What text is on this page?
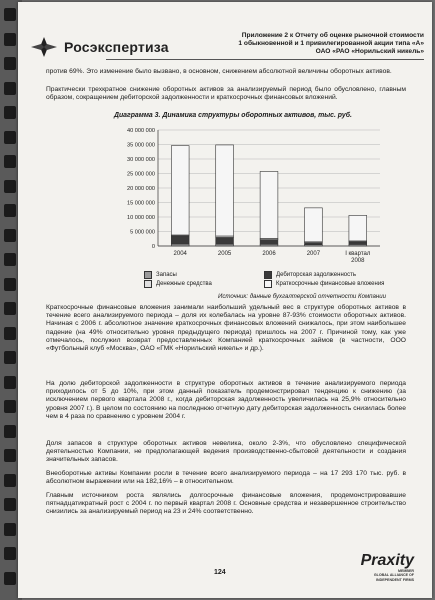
Росэкспертиза
Приложение 2 к Отчету об оценке рыночной стоимости
1 обыкновенной и 1 привилегированной акции типа «А»
ОАО «РАО «Норильский никель»

против 69%. Это изменение было вызвано, в основном, снижением абсолютной величины оборотных активов.

Практически трехкратное снижение оборотных активов за анализируемый период было обусловлено, главным образом, сокращением дебиторской задолженности и краткосрочных финансовых вложений.

Диаграмма 3. Динамика структуры оборотных активов, тыс. руб.
0
5 000 000
10 000 000
15 000 000
20 000 000
25 000 000
30 000 000
35 000 000
40 000 000
2004	2005	2006	2007	I квартал
2008
Запасы	Дебиторская задолженность
Денежные средства	Краткосрочные финансовые вложения
Источник: данные бухгалтерской отчетности Компании

Краткосрочные финансовые вложения занимали наибольший удельный вес в структуре оборотных активов в течение всего анализируемого периода – доля их колебалась на уровне 87-93% стоимости оборотных активов. Начиная с 2006 г. абсолютное значение краткосрочных финансовых вложений снижалось, при этом наибольшее падение (на 49% относительно уровня предыдущего периода) пришлось на 2007 г. Причиной тому, как уже отмечалось, послужил возврат предоставленных Компанией краткосрочных займов (в частности, ООО «Футбольный клуб «Москва», ОАО «ГМК «Норильский никель» и др.).

На долю дебиторской задолженности в структуре оборотных активов в течение анализируемого периода приходилось от 5 до 10%, при этом данный показатель продемонстрировал тенденцию к снижению (за исключением первого квартала 2008 г., когда дебиторская задолженность увеличилась на 25,9% относительно уровня 2007 г.). В целом по состоянию на последнюю отчетную дату дебиторская задолженность снизилась более чем в 4 раза по сравнению с уровнем 2004 г.

Доля запасов в структуре оборотных активов невелика, около 2-3%, что обусловлено специфической деятельностью Компании, не предполагающей ведения производственно-сбытовой деятельности и создания значительных запасов.

Внеоборотные активы Компании росли в течение всего анализируемого периода – на 17 293 170 тыс. руб. в абсолютном выражении или на 182,16% – в относительном.

Главным источником роста являлись долгосрочные финансовые вложения, продемонстрировавшие пятнадцатикратный рост с 2004 г. по первый квартал 2008 г. Основные средства и незавершенное строительство снизились за анализируемый период на 23 и 24% соответственно.

124
Praxity
MEMBER
GLOBAL ALLIANCE OF
INDEPENDENT FIRMS
